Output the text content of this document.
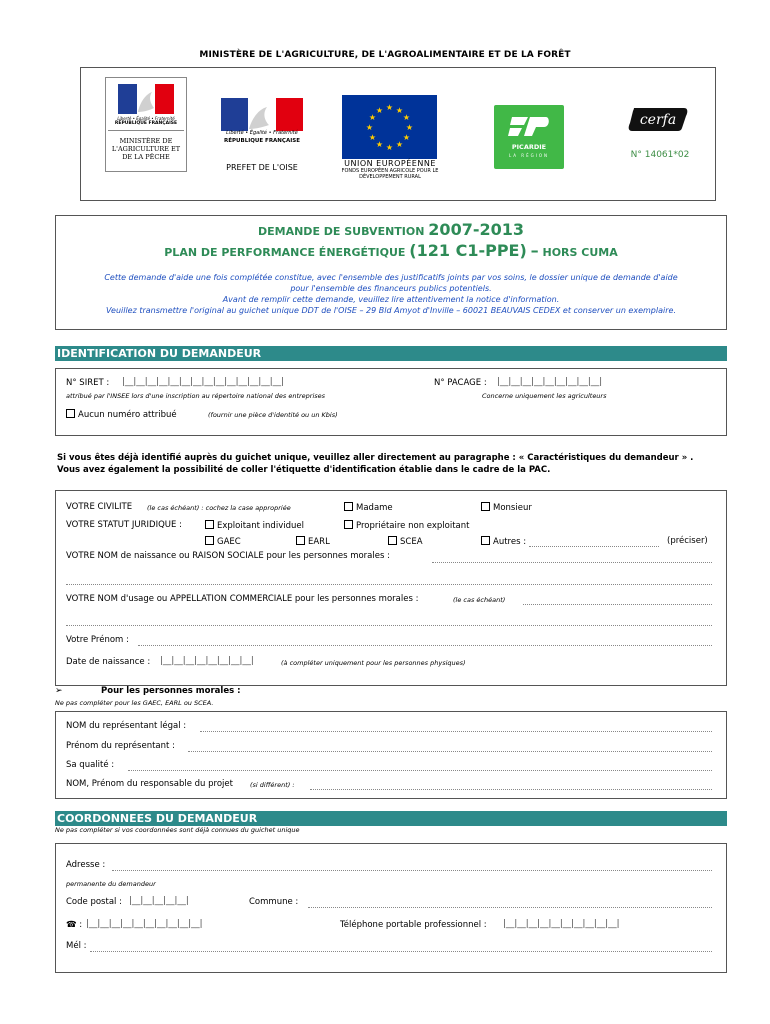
MINISTÈRE DE L'AGRICULTURE, DE L'AGROALIMENTAIRE ET DE LA FORÊT
Liberté • Égalité • Fraternité
RÉPUBLIQUE FRANÇAISE
MINISTÈRE DE L'AGRICULTURE ET DE LA PÊCHE
Liberté • Égalité • Fraternité
RÉPUBLIQUE FRANÇAISE
PREFET DE L'OISE
★ ★
★
★
★
★
★
★
★
★
★
★
UNION EUROPÉENNE
FONDS EUROPÉEN AGRICOLE POUR LE DÉVELOPPEMENT RURAL
PICARDIE
LA RÉGION
cerfa
N° 14061*02
DEMANDE DE SUBVENTION 2007-2013
PLAN DE PERFORMANCE ÉNERGÉTIQUE (121 C1-PPE) – HORS CUMA

Cette demande d'aide une fois complétée constitue, avec l'ensemble des justificatifs joints par vos soins, le dossier unique de demande d'aide

pour l'ensemble des financeurs publics potentiels.

Avant de remplir cette demande, veuillez lire attentivement la notice d'information.

Veuillez transmettre l'original au guichet unique DDT de l'OISE – 29 Bld Amyot d'Inville – 60021 BEAUVAIS CEDEX et conserver un exemplaire.

IDENTIFICATION DU DEMANDEUR
N° SIRET : |__|__|__|__|__|__|__|__|__|__|__|__|__|__|
attribué par l'INSEE lors d'une inscription au répertoire national des entreprises
N° PACAGE : |__|__|__|__|__|__|__|__|__|
Concerne uniquement les agriculteurs
Aucun numéro attribué	(fournir une pièce d'identité ou un Kbis)
Si vous êtes déjà identifié auprès du guichet unique, veuillez aller directement au paragraphe : « Caractéristiques du demandeur » . Vous avez également la possibilité de coller l'étiquette d'identification établie dans le cadre de la PAC.
VOTRE CIVILITE (le cas échéant) : cochez la case appropriée	Madame	Monsieur
VOTRE STATUT JURIDIQUE :	Exploitant individuel	Propriétaire non exploitant
GAEC	EARL	SCEA	Autres :	(préciser)
VOTRE NOM de naissance ou RAISON SOCIALE pour les personnes morales :
VOTRE NOM d'usage ou APPELLATION COMMERCIALE pour les personnes morales :	(le cas échéant)
Votre Prénom :
Date de naissance : |__|__|__|__|__|__|__|__|	(à compléter uniquement pour les personnes physiques)
➢	Pour les personnes morales :
Ne pas compléter pour les GAEC, EARL ou SCEA.
NOM du représentant légal :
Prénom du représentant :
Sa qualité :
NOM, Prénom du responsable du projet	(si différent) :
COORDONNEES DU DEMANDEUR
Ne pas compléter si vos coordonnées sont déjà connues du guichet unique
Adresse :
permanente du demandeur
Code postal : |__|__|__|__|__|	Commune :
☎ : |__|__|__|__|__|__|__|__|__|__|	Téléphone portable professionnel : |__|__|__|__|__|__|__|__|__|__|
Mél :
